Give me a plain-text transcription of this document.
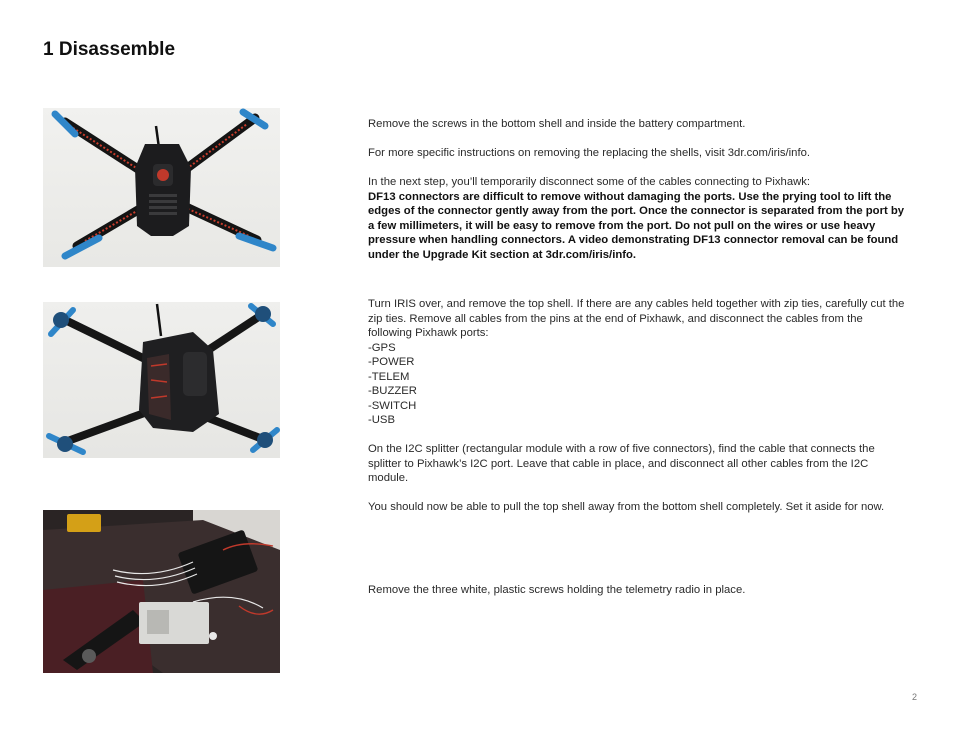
1 Disassemble

Remove the screws in the bottom shell and inside the battery compartment.

For more specific instructions on removing the replacing the shells, visit 3dr.com/iris/info.

In the next step, you’ll temporarily disconnect some of the cables connecting to Pixhawk:

DF13 connectors are difficult to remove without damaging the ports. Use the prying tool to lift the edges of the connector gently away from the port. Once the connector is separated from the port by a few millimeters, it will be easy to remove from the port. Do not pull on the wires or use heavy pressure when handling connectors. A video demonstrating DF13 connector removal can be found under the Upgrade Kit section at 3dr.com/iris/info.

Turn IRIS over, and remove the top shell. If there are any cables held together with zip ties, carefully cut the zip ties. Remove all cables from the pins at the end of Pixhawk, and disconnect the cables from the following Pixhawk ports:

-GPS

-POWER

-TELEM

-BUZZER

-SWITCH

-USB

On the I2C splitter (rectangular module with a row of five connectors), find the cable that connects the splitter to Pixhawk’s I2C port. Leave that cable in place, and disconnect all other cables from the I2C module.

You should now be able to pull the top shell away from the bottom shell completely. Set it aside for now.

Remove the three white, plastic screws holding the telemetry radio in place.

2
